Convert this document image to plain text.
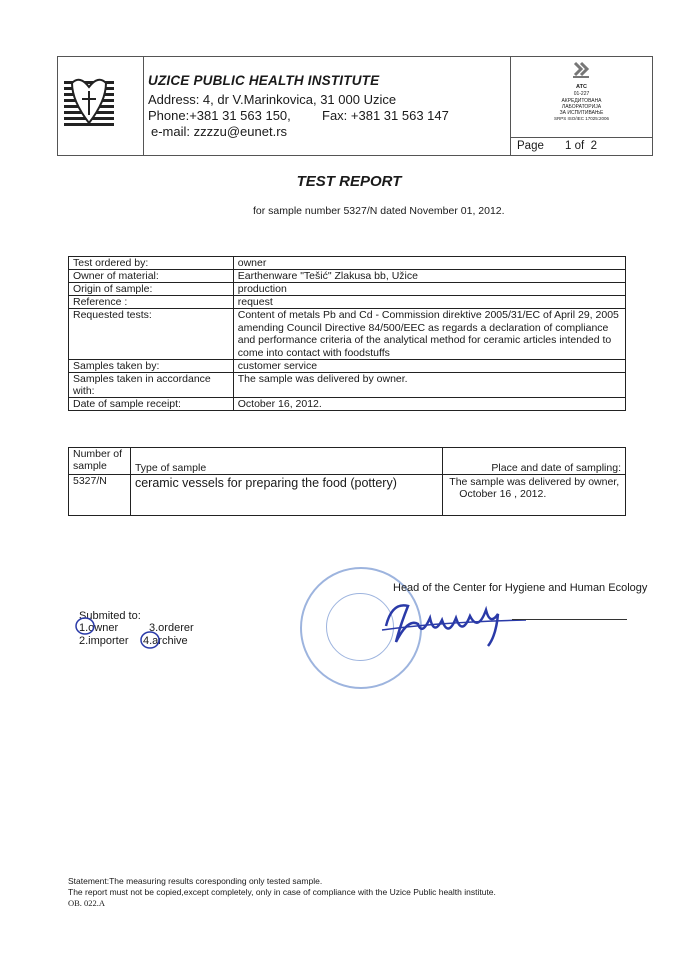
UZICE PUBLIC HEALTH INSTITUTE
Address: 4, dr V.Marinkovica, 31 000 Uzice
Phone:+381 31 563 150, Fax: +381 31 563 147
e-mail: zzzzu@eunet.rs
ATC
01-227
АКРЕДИТОВАНА
ЛАБОРАТОРИЈА
ЗА ИСПИТИВАЊЕ
SRPS ISO/IEC 17025:2006
Page 1 of  2
TEST REPORT
for sample number 5327/N dated November 01, 2012.
Test ordered by:	owner
Owner of material:	Earthenware "Tešić" Zlakusa bb, Užice
Origin of sample:	production
Reference :	request
Requested tests:	Content of metals Pb and Cd - Commission direktive 2005/31/EC of April 29, 2005 amending Council Directive 84/500/EEC as regards a declaration of compliance and performance criteria of the analytical method for ceramic articles intended to come into contact with foodstuffs
Samples taken by:	customer service
Samples taken in accordance with:	The sample was delivered by owner.
Date of sample receipt:	October 16, 2012.
Number of sample	Type of sample	Place and date of sampling:
5327/N	ceramic vessels for preparing the food (pottery)	The sample was delivered by owner,
October 16 , 2012.
Head of the Center for Hygiene and Human Ecology
Submited to:
1.owner	3.orderer
2.importer 4.archive
Statement:The measuring results coresponding only tested sample.
The report must not be copied,except completely, only in case of compliance with the Uzice Public health institute.
OB. 022.A
